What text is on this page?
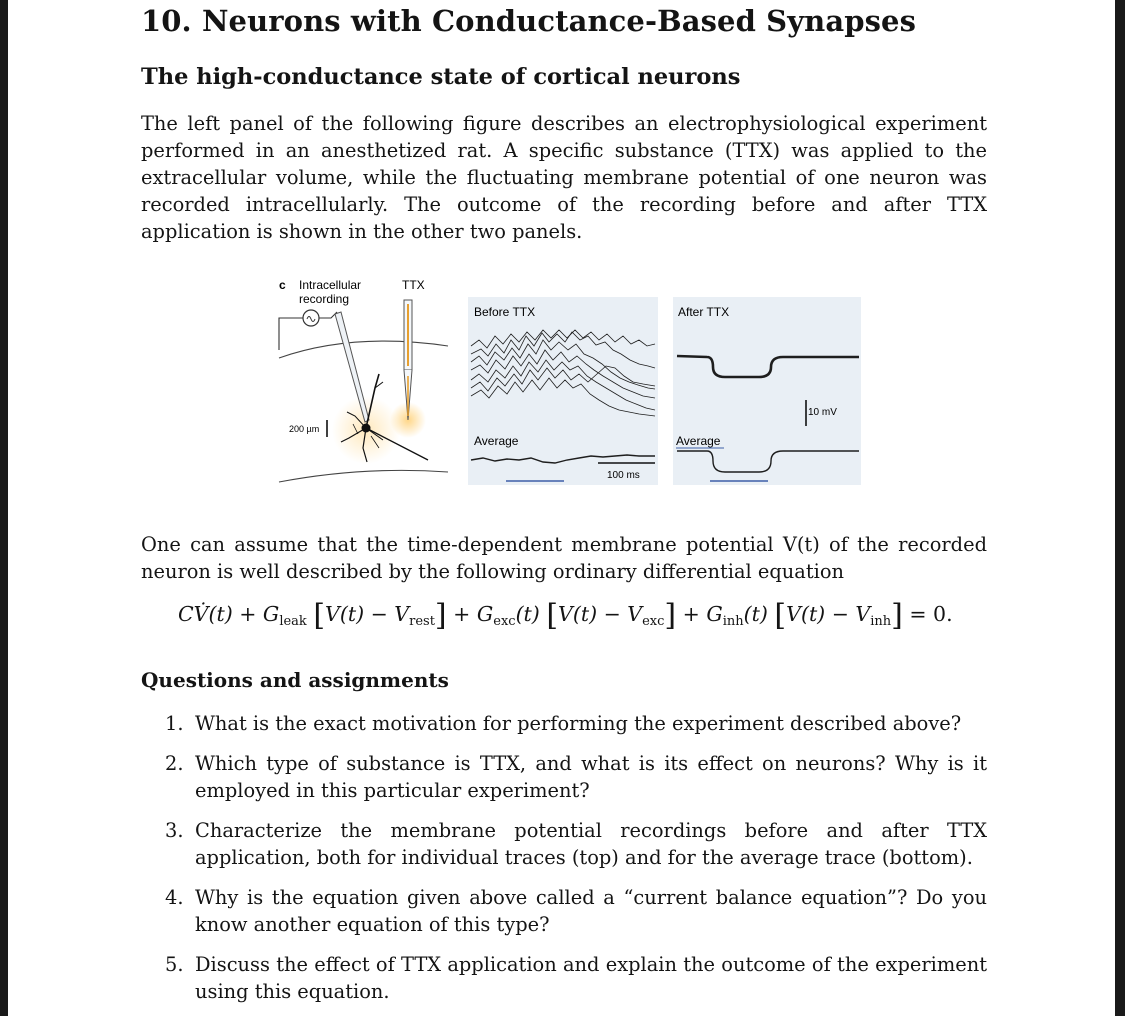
10. Neurons with Conductance-Based Synapses
The high-conductance state of cortical neurons

The left panel of the following figure describes an electrophysiological experiment performed in an anesthetized rat. A specific substance (TTX) was applied to the extracellular volume, while the fluctuating membrane potential of one neuron was recorded intracellularly. The outcome of the recording before and after TTX application is shown in the other two panels.

c Intracellular
recording
TTX
200 µm
Before TTX
Average
100 ms
After TTX
10 mV
Average

One can assume that the time-dependent membrane potential V(t) of the recorded neuron is well described by the following ordinary differential equation

CV̇(t) + $G_{leak}$ $[V(t) - V_{rest}] + G_{exc}(t) [V(t) - V_{exc}] + G_{inh}(t) [V(t) - V_{inh}] = 0$.
Questions and assignments
1. What is the exact motivation for performing the experiment described above?
2. Which type of substance is TTX, and what is its effect on neurons? Why is it employed in this particular experiment?
3. Characterize the membrane potential recordings before and after TTX application, both for individual traces (top) and for the average trace (bottom).
4. Why is the equation given above called a “current balance equation”? Do you know another equation of this type?
5. Discuss the effect of TTX application and explain the outcome of the experiment using this equation.
